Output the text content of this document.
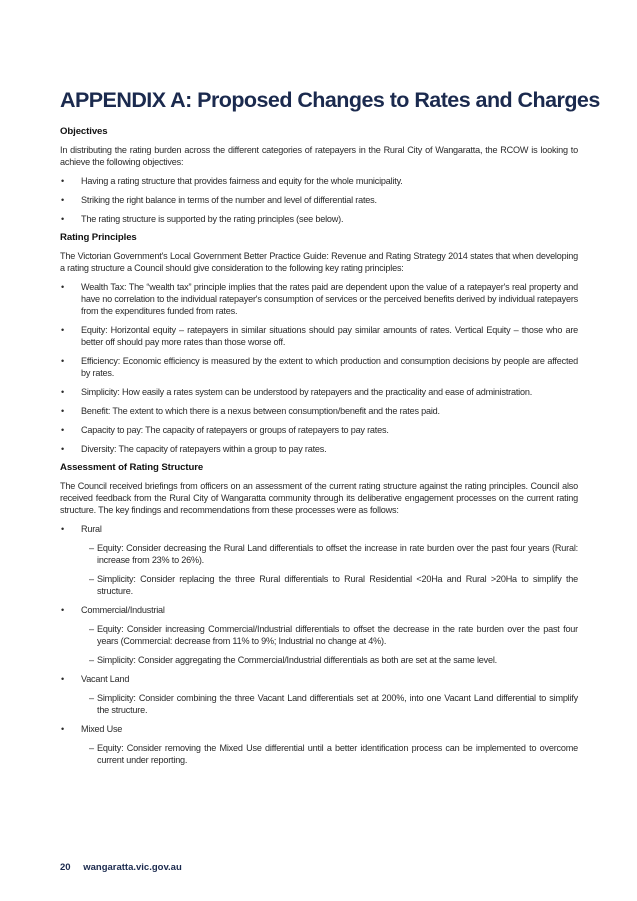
APPENDIX A: Proposed Changes to Rates and Charges
Objectives

In distributing the rating burden across the different categories of ratepayers in the Rural City of Wangaratta, the RCOW is looking to achieve the following objectives:

• Having a rating structure that provides fairness and equity for the whole municipality.
• Striking the right balance in terms of the number and level of differential rates.
• The rating structure is supported by the rating principles (see below).
Rating Principles

The Victorian Government's Local Government Better Practice Guide: Revenue and Rating Strategy 2014 states that when developing a rating structure a Council should give consideration to the following key rating principles:

• Wealth Tax: The “wealth tax” principle implies that the rates paid are dependent upon the value of a ratepayer's real property and have no correlation to the individual ratepayer's consumption of services or the perceived benefits derived by individual ratepayers from the expenditures funded from rates.
• Equity: Horizontal equity – ratepayers in similar situations should pay similar amounts of rates. Vertical Equity – those who are better off should pay more rates than those worse off.
• Efficiency: Economic efficiency is measured by the extent to which production and consumption decisions by people are affected by rates.
• Simplicity: How easily a rates system can be understood by ratepayers and the practicality and ease of administration.
• Benefit: The extent to which there is a nexus between consumption/benefit and the rates paid.
• Capacity to pay: The capacity of ratepayers or groups of ratepayers to pay rates.
• Diversity: The capacity of ratepayers within a group to pay rates.
Assessment of Rating Structure

The Council received briefings from officers on an assessment of the current rating structure against the rating principles. Council also received feedback from the Rural City of Wangaratta community through its deliberative engagement processes on the current rating structure. The key findings and recommendations from these processes were as follows:

• Rural
– Equity: Consider decreasing the Rural Land differentials to offset the increase in rate burden over the past four years (Rural: increase from 23% to 26%).
– Simplicity: Consider replacing the three Rural differentials to Rural Residential <20Ha and Rural >20Ha to simplify the structure.
• Commercial/Industrial
– Equity: Consider increasing Commercial/Industrial differentials to offset the decrease in the rate burden over the past four years (Commercial: decrease from 11% to 9%; Industrial no change at 4%).
– Simplicity: Consider aggregating the Commercial/Industrial differentials as both are set at the same level.
• Vacant Land
– Simplicity: Consider combining the three Vacant Land differentials set at 200%, into one Vacant Land differential to simplify the structure.
• Mixed Use
– Equity: Consider removing the Mixed Use differential until a better identification process can be implemented to overcome current under reporting.
20 wangaratta.vic.gov.au
